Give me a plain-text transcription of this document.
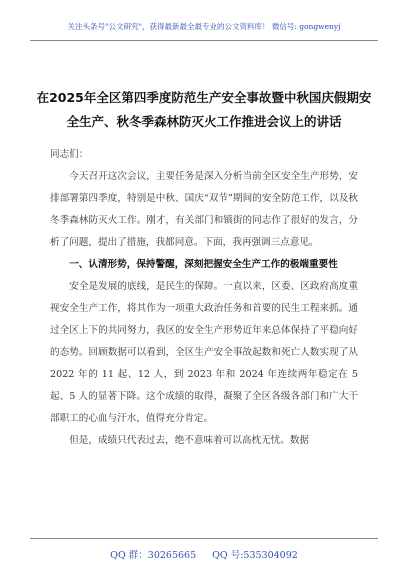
关注头条号"公文研究"，获得最新最全最专业的公文资料库！ 微信号: gongwenyj
在2025年全区第四季度防范生产安全事故暨中秋国庆假期安
全生产、秋冬季森林防灭火工作推进会议上的讲话

同志们：

今天召开这次会议，主要任务是深入分析当前全区安全生产形势，安排部署第四季度，特别是中秋、国庆“双节”期间的安全防范工作，以及秋冬季森林防灭火工作。刚才，有关部门和镇街的同志作了很好的发言，分析了问题，提出了措施，我都同意。下面，我再强调三点意见。

一、认清形势，保持警醒，深刻把握安全生产工作的极端重要性

安全是发展的底线，是民生的保障。一直以来，区委、区政府高度重视安全生产工作，将其作为一项重大政治任务和首要的民生工程来抓。通过全区上下的共同努力，我区的安全生产形势近年来总体保持了平稳向好的态势。回顾数据可以看到，全区生产安全事故起数和死亡人数实现了从 2022 年的 11 起、12 人，到 2023 年和 2024 年连续两年稳定在 5 起、5 人的显著下降。这个成绩的取得，凝聚了全区各级各部门和广大干部职工的心血与汗水，值得充分肯定。

但是，成绩只代表过去，绝不意味着可以高枕无忧。数据

QQ 群：30265665 QQ 号:535304092
